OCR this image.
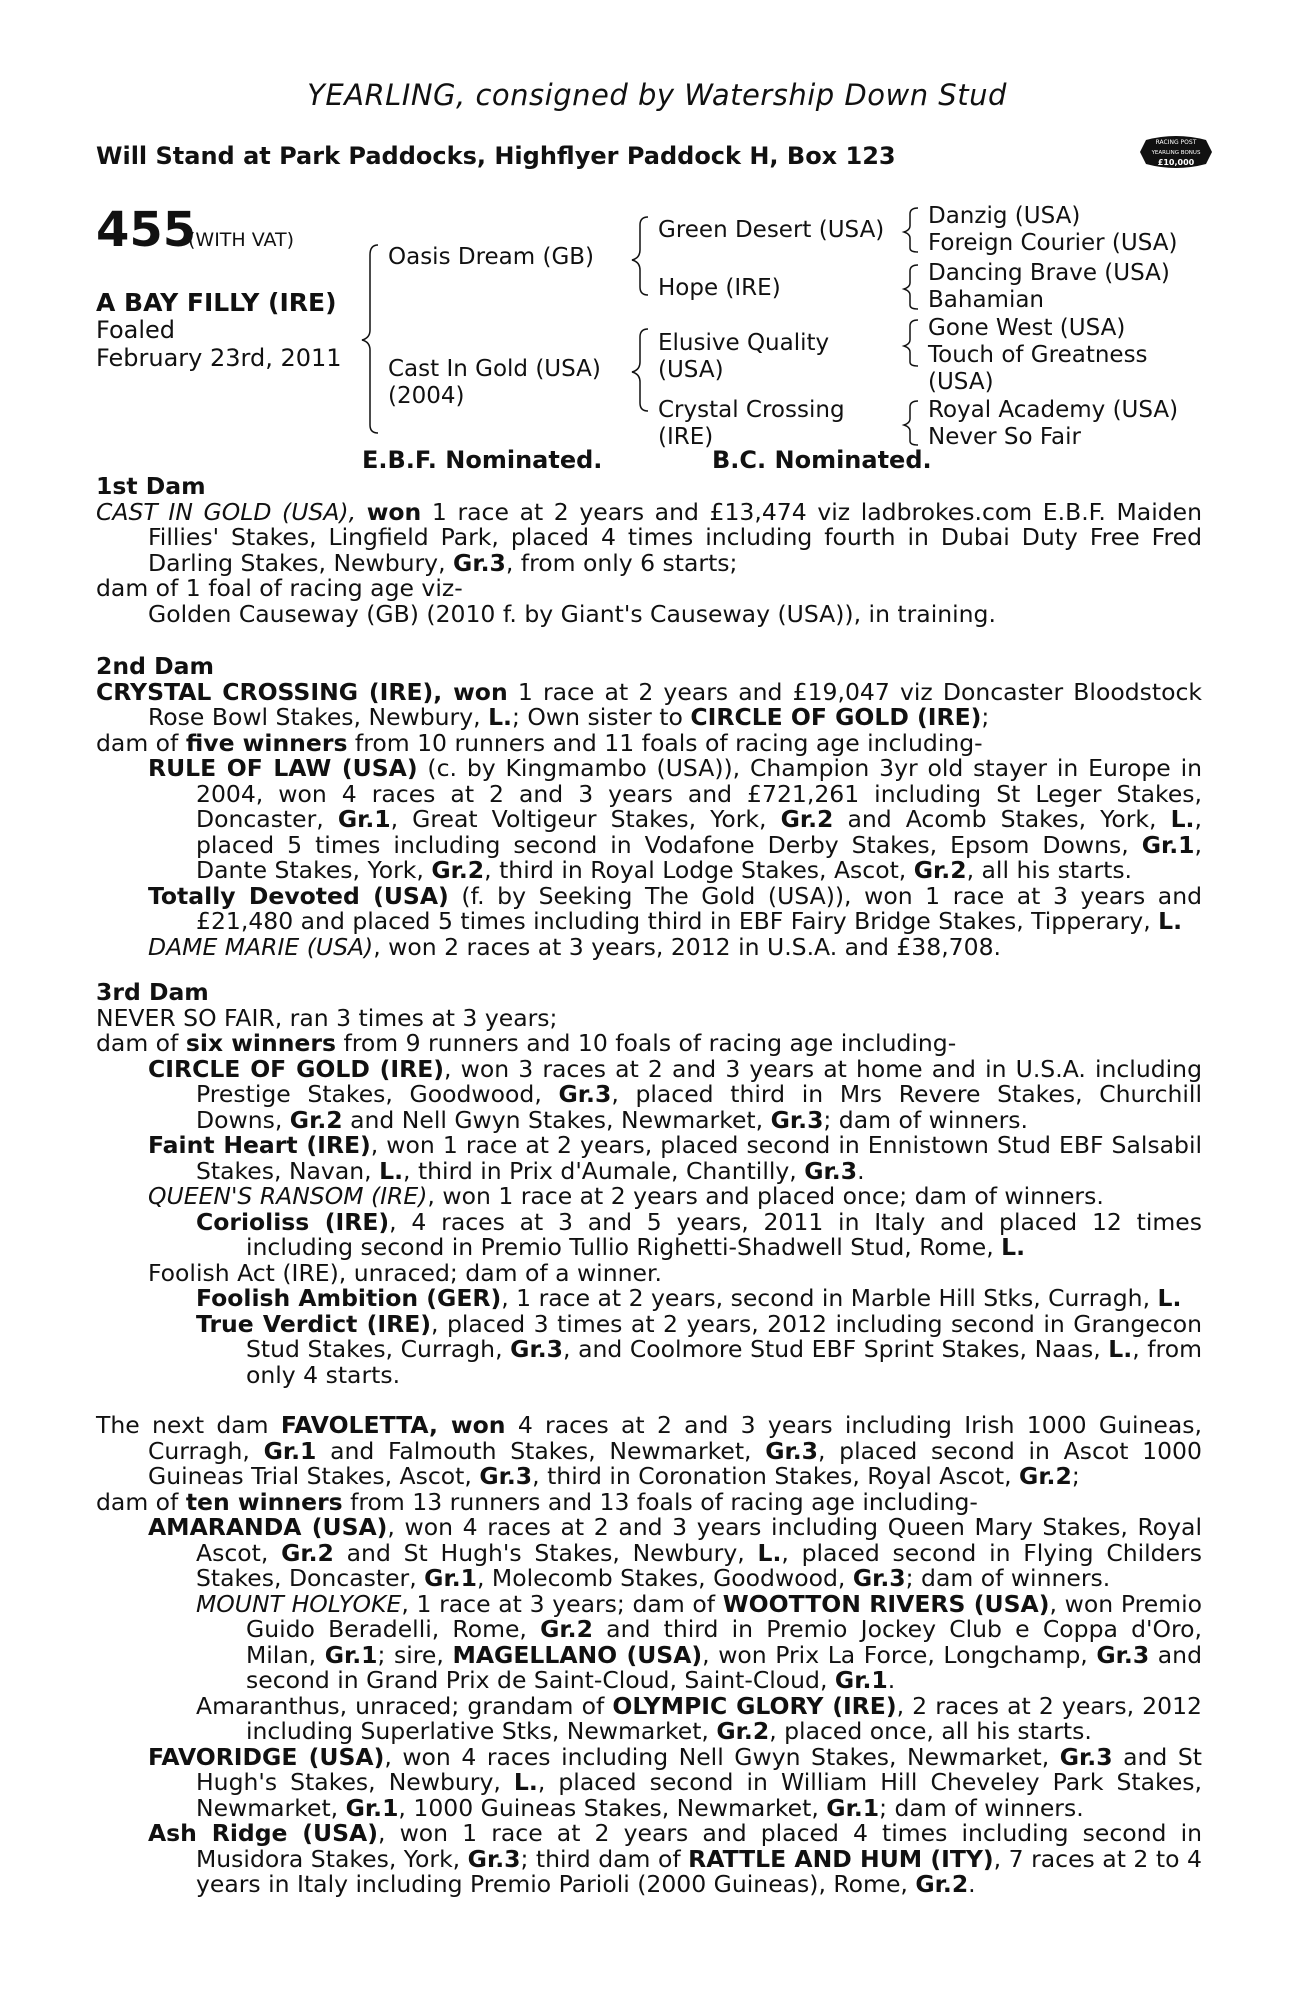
YEARLING, consigned by Watership Down Stud
Will Stand at Park Paddocks, Highflyer Paddock H, Box 123	RACING POST
YEARLING BONUS
£10,000
455
(WITH VAT)
A BAY FILLY (IRE)
Foaled
February 23rd, 2011
Oasis Dream (GB)
Cast In Gold (USA)
(2004)
Green Desert (USA)
Hope (IRE)
Elusive Quality
(USA)
Crystal Crossing
(IRE)
Danzig (USA)
Foreign Courier (USA)
Dancing Brave (USA)
Bahamian
Gone West (USA)
Touch of Greatness
(USA)
Royal Academy (USA)
Never So Fair
E.B.F. Nominated.	B.C. Nominated.

1st Dam

CAST IN GOLD (USA), won 1 race at 2 years and £13,474 viz ladbrokes.com E.B.F. Maiden Fillies' Stakes, Lingfield Park, placed 4 times including fourth in Dubai Duty Free Fred Darling Stakes, Newbury, Gr.3, from only 6 starts;

dam of 1 foal of racing age viz-

Golden Causeway (GB) (2010 f. by Giant's Causeway (USA)), in training.

2nd Dam

CRYSTAL CROSSING (IRE), won 1 race at 2 years and £19,047 viz Doncaster Bloodstock Rose Bowl Stakes, Newbury, L.; Own sister to CIRCLE OF GOLD (IRE);

dam of five winners from 10 runners and 11 foals of racing age including-

RULE OF LAW (USA) (c. by Kingmambo (USA)), Champion 3yr old stayer in Europe in 2004, won 4 races at 2 and 3 years and £721,261 including St Leger Stakes, Doncaster, Gr.1, Great Voltigeur Stakes, York, Gr.2 and Acomb Stakes, York, L., placed 5 times including second in Vodafone Derby Stakes, Epsom Downs, Gr.1, Dante Stakes, York, Gr.2, third in Royal Lodge Stakes, Ascot, Gr.2, all his starts.

Totally Devoted (USA) (f. by Seeking The Gold (USA)), won 1 race at 3 years and £21,480 and placed 5 times including third in EBF Fairy Bridge Stakes, Tipperary, L.

DAME MARIE (USA), won 2 races at 3 years, 2012 in U.S.A. and £38,708.

3rd Dam

NEVER SO FAIR, ran 3 times at 3 years;

dam of six winners from 9 runners and 10 foals of racing age including-

CIRCLE OF GOLD (IRE), won 3 races at 2 and 3 years at home and in U.S.A. including Prestige Stakes, Goodwood, Gr.3, placed third in Mrs Revere Stakes, Churchill Downs, Gr.2 and Nell Gwyn Stakes, Newmarket, Gr.3; dam of winners.

Faint Heart (IRE), won 1 race at 2 years, placed second in Ennistown Stud EBF Salsabil Stakes, Navan, L., third in Prix d'Aumale, Chantilly, Gr.3.

QUEEN'S RANSOM (IRE), won 1 race at 2 years and placed once; dam of winners.

Corioliss (IRE), 4 races at 3 and 5 years, 2011 in Italy and placed 12 times including second in Premio Tullio Righetti-Shadwell Stud, Rome, L.

Foolish Act (IRE), unraced; dam of a winner.

Foolish Ambition (GER), 1 race at 2 years, second in Marble Hill Stks, Curragh, L.

True Verdict (IRE), placed 3 times at 2 years, 2012 including second in Grangecon Stud Stakes, Curragh, Gr.3, and Coolmore Stud EBF Sprint Stakes, Naas, L., from only 4 starts.

The next dam FAVOLETTA, won 4 races at 2 and 3 years including Irish 1000 Guineas, Curragh, Gr.1 and Falmouth Stakes, Newmarket, Gr.3, placed second in Ascot 1000 Guineas Trial Stakes, Ascot, Gr.3, third in Coronation Stakes, Royal Ascot, Gr.2;

dam of ten winners from 13 runners and 13 foals of racing age including-

AMARANDA (USA), won 4 races at 2 and 3 years including Queen Mary Stakes, Royal Ascot, Gr.2 and St Hugh's Stakes, Newbury, L., placed second in Flying Childers Stakes, Doncaster, Gr.1, Molecomb Stakes, Goodwood, Gr.3; dam of winners.

MOUNT HOLYOKE, 1 race at 3 years; dam of WOOTTON RIVERS (USA), won Premio Guido Beradelli, Rome, Gr.2 and third in Premio Jockey Club e Coppa d'Oro, Milan, Gr.1; sire, MAGELLANO (USA), won Prix La Force, Longchamp, Gr.3 and second in Grand Prix de Saint-Cloud, Saint-Cloud, Gr.1.

Amaranthus, unraced; grandam of OLYMPIC GLORY (IRE), 2 races at 2 years, 2012 including Superlative Stks, Newmarket, Gr.2, placed once, all his starts.

FAVORIDGE (USA), won 4 races including Nell Gwyn Stakes, Newmarket, Gr.3 and St Hugh's Stakes, Newbury, L., placed second in William Hill Cheveley Park Stakes, Newmarket, Gr.1, 1000 Guineas Stakes, Newmarket, Gr.1; dam of winners.

Ash Ridge (USA), won 1 race at 2 years and placed 4 times including second in Musidora Stakes, York, Gr.3; third dam of RATTLE AND HUM (ITY), 7 races at 2 to 4 years in Italy including Premio Parioli (2000 Guineas), Rome, Gr.2.
